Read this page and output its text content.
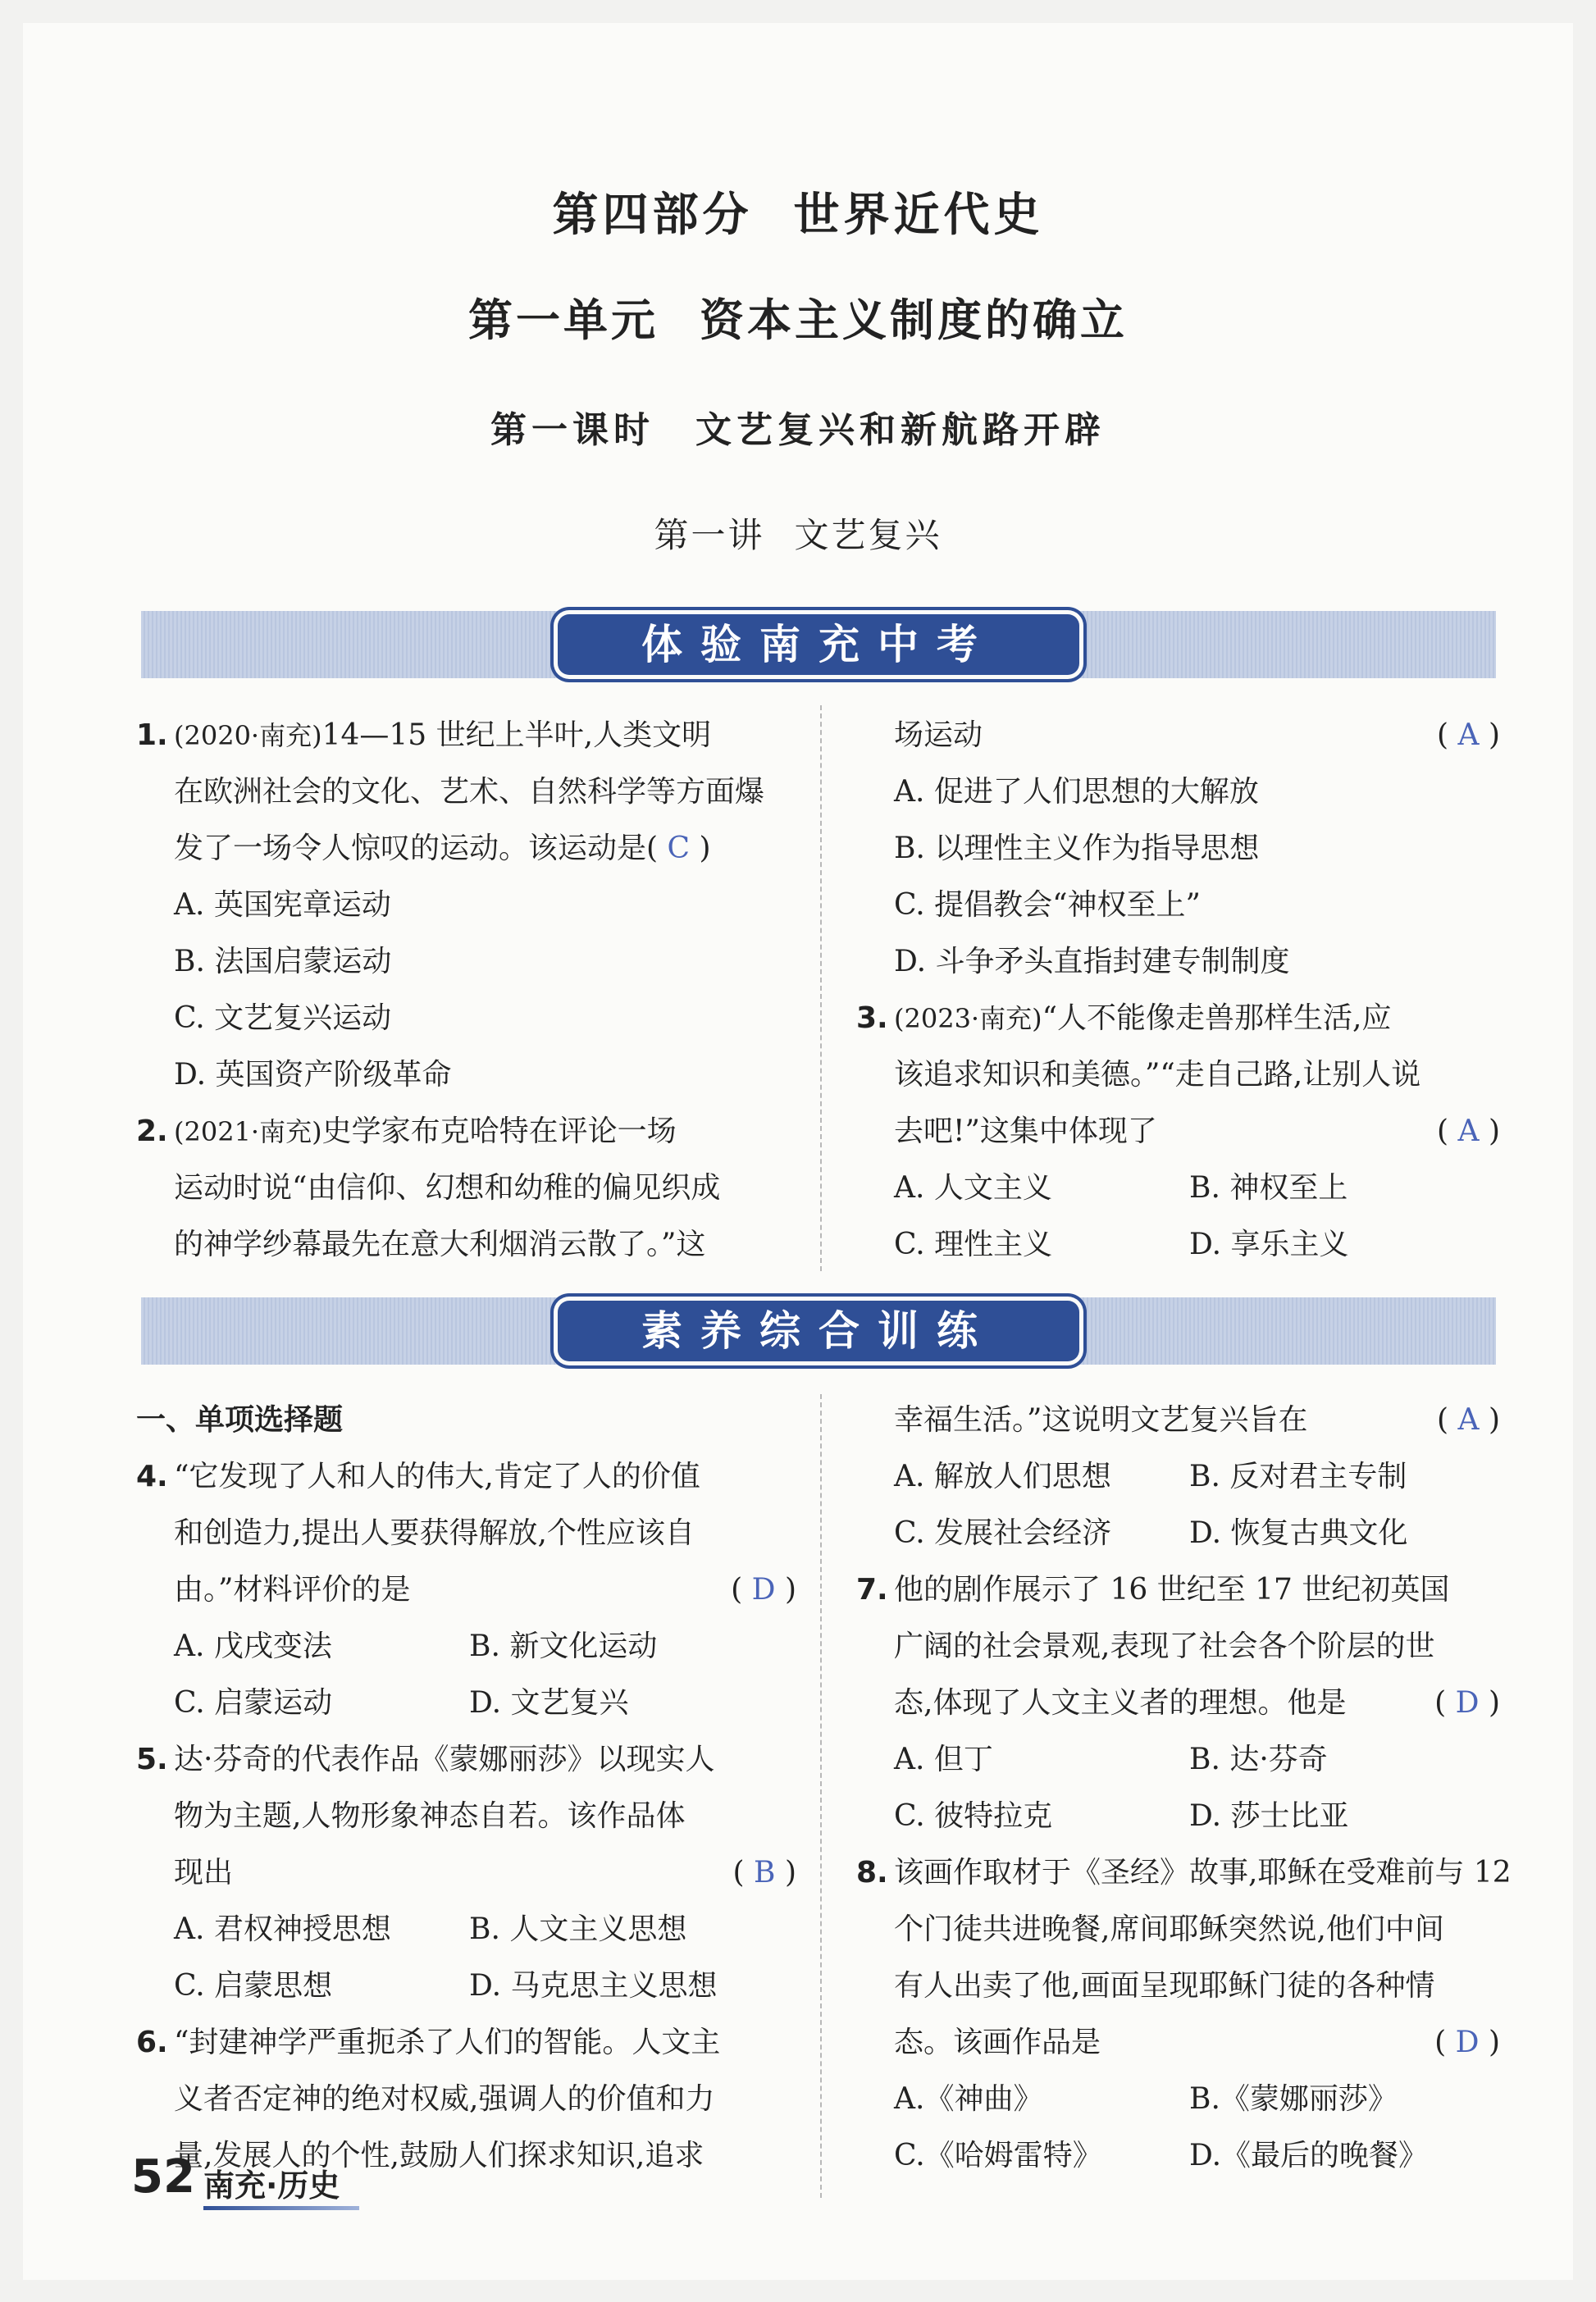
第四部分 世界近代史
第一单元 资本主义制度的确立
第一课时 文艺复兴和新航路开辟
第一讲 文艺复兴
体验南充中考
1. (2020·南充)14—15 世纪上半叶,人类文明
在欧洲社会的文化、艺术、自然科学等方面爆
发了一场令人惊叹的运动。该运动是( C )
A. 英国宪章运动
B. 法国启蒙运动
C. 文艺复兴运动
D. 英国资产阶级革命
2. (2021·南充)史学家布克哈特在评论一场
运动时说“由信仰、幻想和幼稚的偏见织成
的神学纱幕最先在意大利烟消云散了。”这
场运动	( A )
A. 促进了人们思想的大解放
B. 以理性主义作为指导思想
C. 提倡教会“神权至上”
D. 斗争矛头直指封建专制制度
3. (2023·南充)“人不能像走兽那样生活,应
该追求知识和美德。”“走自己路,让别人说
去吧!”这集中体现了	( A )
A. 人文主义	B. 神权至上
C. 理性主义	D. 享乐主义
素养综合训练
一、单项选择题
4. “它发现了人和人的伟大,肯定了人的价值
和创造力,提出人要获得解放,个性应该自
由。”材料评价的是	( D )
A. 戊戌变法	B. 新文化运动
C. 启蒙运动	D. 文艺复兴
5. 达·芬奇的代表作品《蒙娜丽莎》以现实人
物为主题,人物形象神态自若。该作品体
现出	( B )
A. 君权神授思想	B. 人文主义思想
C. 启蒙思想	D. 马克思主义思想
6. “封建神学严重扼杀了人们的智能。人文主
义者否定神的绝对权威,强调人的价值和力
量,发展人的个性,鼓励人们探求知识,追求
幸福生活。”这说明文艺复兴旨在	( A )
A. 解放人们思想	B. 反对君主专制
C. 发展社会经济	D. 恢复古典文化
7. 他的剧作展示了 16 世纪至 17 世纪初英国
广阔的社会景观,表现了社会各个阶层的世
态,体现了人文主义者的理想。他是	( D )
A. 但丁	B. 达·芬奇
C. 彼特拉克	D. 莎士比亚
8. 该画作取材于《圣经》故事,耶稣在受难前与 12
个门徒共进晚餐,席间耶稣突然说,他们中间
有人出卖了他,画面呈现耶稣门徒的各种情
态。该画作品是	( D )
A.《神曲》	B.《蒙娜丽莎》
C.《哈姆雷特》	D.《最后的晚餐》
52 南充·历史
